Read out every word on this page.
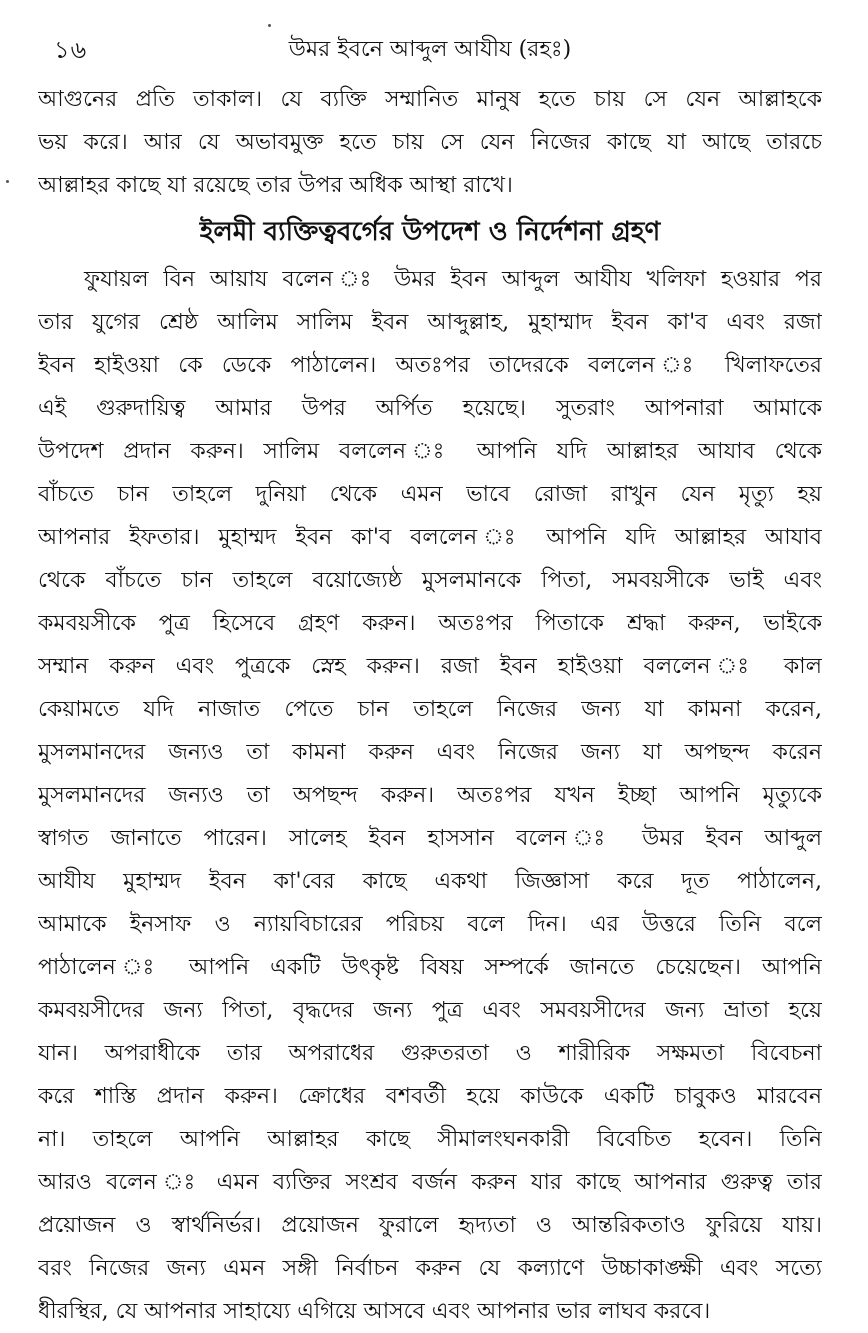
১৬	উমর ইবনে আব্দুল আযীয (রহঃ)
আগুনের প্রতি তাকাল। যে ব্যক্তি সম্মানিত মানুষ হতে চায় সে যেন আল্লাহকে
ভয় করে। আর যে অভাবমুক্ত হতে চায় সে যেন নিজের কাছে যা আছে তারচে
আল্লাহর কাছে যা রয়েছে তার উপর অধিক আস্থা রাখে।
ইলমী ব্যক্তিত্ববর্গের উপদেশ ও নির্দেশনা গ্রহণ
ফুযায়ল বিন আয়ায বলেন ঃ উমর ইবন আব্দুল আযীয খলিফা হওয়ার পর
তার যুগের শ্রেষ্ঠ আলিম সালিম ইবন আব্দুল্লাহ, মুহাম্মাদ ইবন কা'ব এবং রজা
ইবন হাইওয়া কে ডেকে পাঠালেন। অতঃপর তাদেরকে বললেন ঃ খিলাফতের
এই গুরুদায়িত্ব আমার উপর অর্পিত হয়েছে। সুতরাং আপনারা আমাকে
উপদেশ প্রদান করুন। সালিম বললেন ঃ আপনি যদি আল্লাহর আযাব থেকে
বাঁচতে চান তাহলে দুনিয়া থেকে এমন ভাবে রোজা রাখুন যেন মৃত্যু হয়
আপনার ইফতার। মুহাম্মদ ইবন কা'ব বললেন ঃ আপনি যদি আল্লাহর আযাব
থেকে বাঁচতে চান তাহলে বয়োজ্যেষ্ঠ মুসলমানকে পিতা, সমবয়সীকে ভাই এবং
কমবয়সীকে পুত্র হিসেবে গ্রহণ করুন। অতঃপর পিতাকে শ্রদ্ধা করুন, ভাইকে
সম্মান করুন এবং পুত্রকে স্নেহ করুন। রজা ইবন হাইওয়া বললেন ঃ কাল
কেয়ামতে যদি নাজাত পেতে চান তাহলে নিজের জন্য যা কামনা করেন,
মুসলমানদের জন্যও তা কামনা করুন এবং নিজের জন্য যা অপছন্দ করেন
মুসলমানদের জন্যও তা অপছন্দ করুন। অতঃপর যখন ইচ্ছা আপনি মৃত্যুকে
স্বাগত জানাতে পারেন। সালেহ ইবন হাসসান বলেন ঃ উমর ইবন আব্দুল
আযীয মুহাম্মদ ইবন কা'বের কাছে একথা জিজ্ঞাসা করে দূত পাঠালেন,
আমাকে ইনসাফ ও ন্যায়বিচারের পরিচয় বলে দিন। এর উত্তরে তিনি বলে
পাঠালেন ঃ আপনি একটি উৎকৃষ্ট বিষয় সম্পর্কে জানতে চেয়েছেন। আপনি
কমবয়সীদের জন্য পিতা, বৃদ্ধদের জন্য পুত্র এবং সমবয়সীদের জন্য ভ্রাতা হয়ে
যান। অপরাধীকে তার অপরাধের গুরুতরতা ও শারীরিক সক্ষমতা বিবেচনা
করে শাস্তি প্রদান করুন। ক্রোধের বশবর্তী হয়ে কাউকে একটি চাবুকও মারবেন
না। তাহলে আপনি আল্লাহর কাছে সীমালংঘনকারী বিবেচিত হবেন। তিনি
আরও বলেন ঃ এমন ব্যক্তির সংশ্রব বর্জন করুন যার কাছে আপনার গুরুত্ব তার
প্রয়োজন ও স্বার্থনির্ভর। প্রয়োজন ফুরালে হৃদ্যতা ও আন্তরিকতাও ফুরিয়ে যায়।
বরং নিজের জন্য এমন সঙ্গী নির্বাচন করুন যে কল্যাণে উচ্চাকাঙ্ক্ষী এবং সত্যে
ধীরস্থির, যে আপনার সাহায্যে এগিয়ে আসবে এবং আপনার ভার লাঘব করবে।
